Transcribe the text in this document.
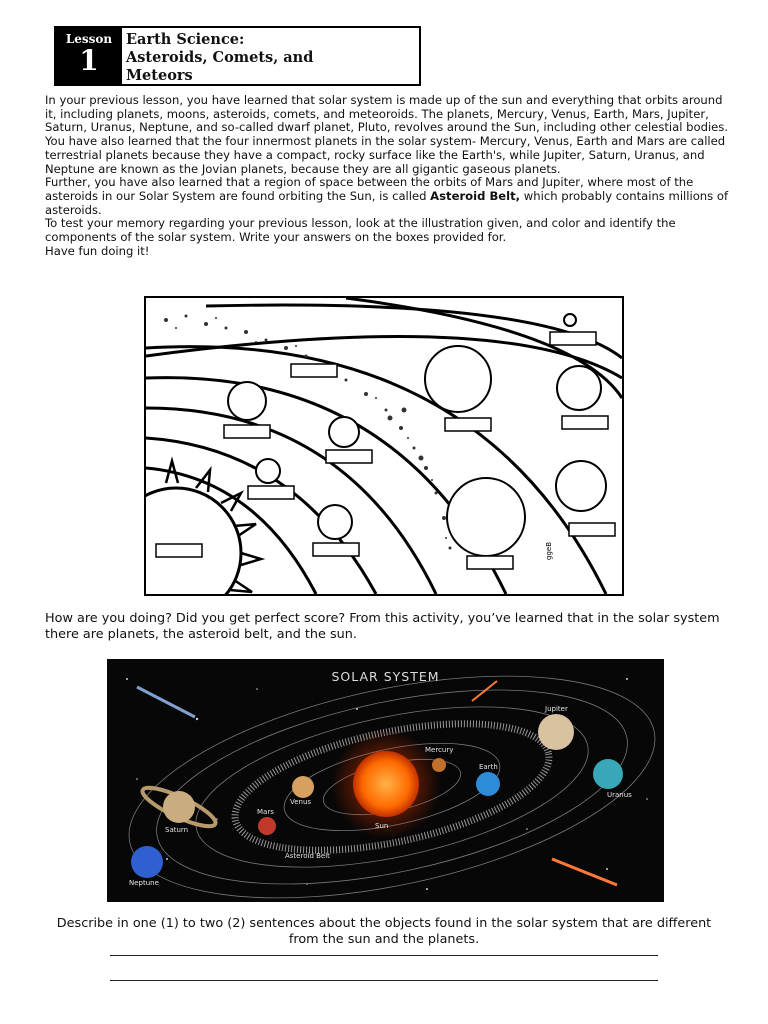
Lesson
1
Earth Science:
Asteroids, Comets, and
Meteors

In your previous lesson, you have learned that solar system is made up of the sun and everything that orbits around it, including planets, moons, asteroids, comets, and meteoroids. The planets, Mercury, Venus, Earth, Mars, Jupiter, Saturn, Uranus, Neptune, and so-called dwarf planet, Pluto, revolves around the Sun, including other celestial bodies.

You have also learned that the four innermost planets in the solar system- Mercury, Venus, Earth and Mars are called terrestrial planets because they have a compact, rocky surface like the Earth's, while Jupiter, Saturn, Uranus, and Neptune are known as the Jovian planets, because they are all gigantic gaseous planets.

Further, you have also learned that a region of space between the orbits of Mars and Jupiter, where most of the asteroids in our Solar System are found orbiting the Sun, is called Asteroid Belt, which probably contains millions of asteroids.

To test your memory regarding your previous lesson, look at the illustration given, and color and identify the components of the solar system. Write your answers on the boxes provided for.

Have fun doing it!

ggeB
How are you doing? Did you get perfect score? From this activity, you’ve learned that in the solar system there are planets, the asteroid belt, and the sun.
SOLAR SYSTEM
Jupiter
Mercury
Earth
Venus
Uranus
Mars
Saturn	Sun
Asteroid Belt
Neptune
Describe in one (1) to two (2) sentences about the objects found in the solar system that are different from the sun and the planets.
